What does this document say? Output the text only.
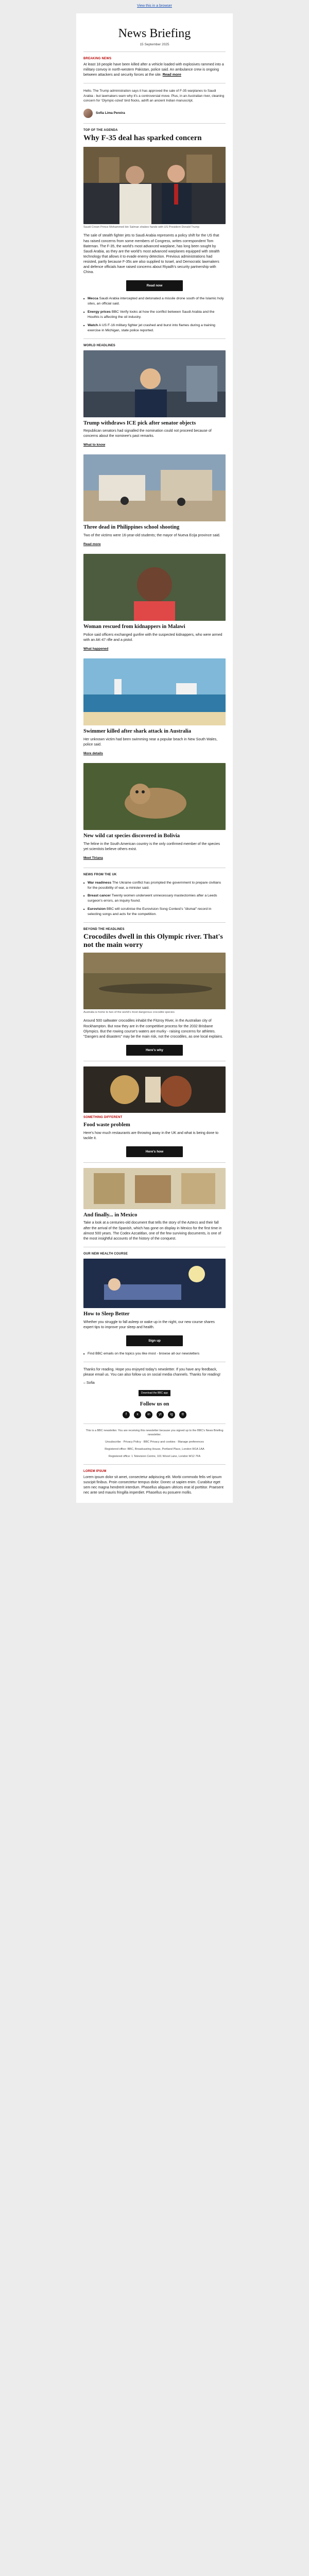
View this in a browser
News Briefing
15 September 2025
BREAKING NEWS

At least 18 people have been killed after a vehicle loaded with explosives rammed into a military convoy in north-western Pakistan, police said. An ambulance crew is ongoing between attackers and security forces at the site. Read more

Hello. The Trump administration says it has approved the sale of F-35 warplanes to Saudi Arabia - but lawmakers warn why it's a controversial move. Plus, in an Australian river, cleaning concern for 'Olympic-sized' bird flocks, adrift an ancient Indian manuscript.

Sofia Lima Pereira
TOP OF THE AGENDA
Why F-35 deal has sparked concern
Saudi Crown Prince Mohammed bin Salman shakes hands with US President Donald Trump

The sale of stealth fighter jets to Saudi Arabia represents a policy shift for the US that has raised concerns from some members of Congress, writes correspondent Tom Bateman. The F-35, the world's most advanced warplane, has long been sought by Saudi Arabia, as they are the world's most advanced warplanes equipped with stealth technology that allows it to evade enemy detection. Previous administrations had resisted, partly because F-35s are also supplied to Israel, and Democratic lawmakers and defence officials have raised concerns about Riyadh's security partnership with China.

Read now
■ Mecca Saudi Arabia intercepted and detonated a missile drone south of the Islamic holy sites, an official said.
■ Energy prices BBC Verify looks at how the conflict between Saudi Arabia and the Houthis is affecting the oil industry.
■ Watch A US F-16 military fighter jet crashed and burst into flames during a training exercise in Michigan, state police reported.
WORLD HEADLINES
Trump withdraws ICE pick after senator objects

Republican senators had signalled the nomination could not proceed because of concerns about the nominee's past remarks.

What to know
Three dead in Philippines school shooting

Two of the victims were 16-year-old students; the mayor of Nueva Ecija province said.

Read more
Woman rescued from kidnappers in Malawi

Police said officers exchanged gunfire with the suspected kidnappers, who were armed with an AK-47 rifle and a pistol.

What happened
Swimmer killed after shark attack in Australia

Her unknown victim had been swimming near a popular beach in New South Wales, police said.

More details
New wild cat species discovered in Bolivia

The feline in the South American country is the only confirmed member of the species yet scientists believe others exist.

Meet Tiriana
NEWS FROM THE UK
■ War readiness The Ukraine conflict has prompted the government to prepare civilians for the possibility of war, a minister said.
■ Breast cancer Twenty women underwent unnecessary mastectomies after a Leeds surgeon's errors, an inquiry found.
■ Eurovision BBC will scrutinise the Eurovision Song Contest's "dismal" record in selecting songs and acts for the competition.
BEYOND THE HEADLINES
Crocodiles dwell in this Olympic river. That's not the main worry
Australia is home to two of the world's most dangerous crocodile species

Around 500 saltwater crocodiles inhabit the Fitzroy River, in the Australian city of Rockhampton. But now they are in the competitive process for the 2032 Brisbane Olympics. But the rowing course's waters are murky - raising concerns for athletes. "Dangers and disasters" may be the main risk, not the crocodiles, as one local explains.

Here's why
SOMETHING DIFFERENT
Food waste problem

Here's how much restaurants are throwing away in the UK and what is being done to tackle it.

Here's how
And finally... in Mexico

Take a look at a centuries-old document that tells the story of the Aztecs and their fall after the arrival of the Spanish, which has gone on display in Mexico for the first time in almost 500 years. The Codex Azcatitlan, one of the few surviving documents, is one of the most insightful accounts of the history of the conquest.

OUR NEW HEALTH COURSE
How to Sleep Better

Whether you struggle to fall asleep or wake up in the night, our new course shares expert tips to improve your sleep and health.

Sign up
■ Find BBC emails on the topics you like most - browse all our newsletters

Thanks for reading. Hope you enjoyed today's newsletter. If you have any feedback, please email us. You can also follow us on social media channels. Thanks for reading!

– Sofia

Download the BBC app
Follow us on
f	x	in	yt	ig	tt

This is a BBC newsletter. You are receiving this newsletter because you signed up to the BBC's News Briefing newsletter.

Unsubscribe · Privacy Policy · BBC Privacy and cookies · Manage preferences

Registered office: BBC, Broadcasting House, Portland Place, London W1A 1AA

Registered office: 1 Television Centre, 101 Wood Lane, London W12 7FA

LOREM IPSUM

Lorem ipsum dolor sit amet, consectetur adipiscing elit. Morbi commodo felis vel ipsum suscipit finibus. Proin consectetur tempus dolor. Donec ut sapien enim. Curabitur eget sem nec magna hendrerit interdum. Phasellus aliquam ultrices erat id porttitor. Praesent nec ante sed mauris fringilla imperdiet. Phasellus eu posuere mollis.
